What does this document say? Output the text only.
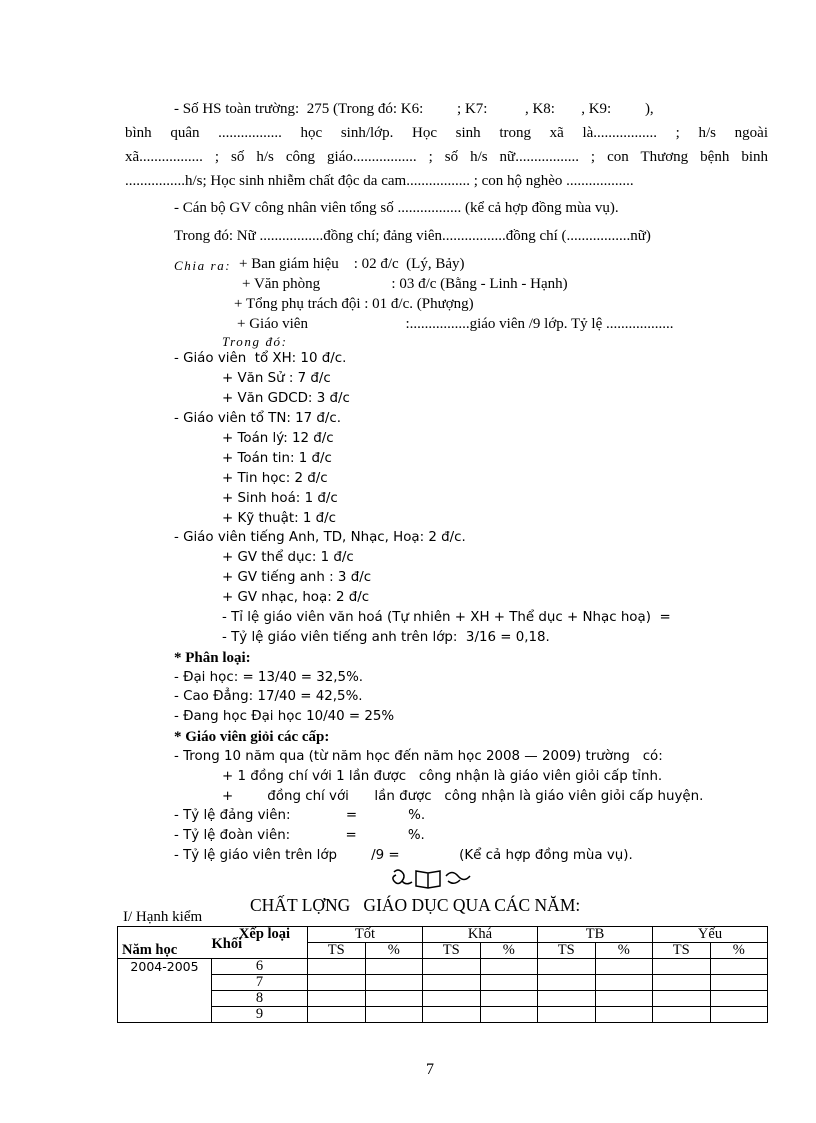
- Số HS toàn trường:  275 (Trong đó: K6:         ; K7:          , K8:       , K9:         ),
bình quân ................. học sinh/lớp. Học sinh trong xã là................. ; h/s ngoài
xã................. ; số h/s công giáo................. ; số h/s nữ................. ; con Thương bệnh binh
................h/s; Học sinh nhiễm chất độc da cam................. ; con hộ nghèo ..................
- Cán bộ GV công nhân viên tổng số ................. (kể cả hợp đồng mùa vụ).
Trong đó: Nữ .................đồng chí; đảng viên.................đồng chí (.................nữ)
Chia ra: + Ban giám hiệu    : 02 đ/c  (Lý, Bảy)
+ Văn phòng                   : 03 đ/c (Bằng - Linh - Hạnh)
+ Tổng phụ trách đội : 01 đ/c. (Phượng)
+ Giáo viên                          :................giáo viên /9 lớp. Tỷ lệ ..................
Trong đó:
- Giáo viên  tổ XH: 10 đ/c.
+ Văn Sử : 7 đ/c
+ Văn GDCD: 3 đ/c
- Giáo viên tổ TN: 17 đ/c.
+ Toán lý: 12 đ/c
+ Toán tin: 1 đ/c
+ Tin học: 2 đ/c
+ Sinh hoá: 1 đ/c
+ Kỹ thuật: 1 đ/c
- Giáo viên tiếng Anh, TD, Nhạc, Hoạ: 2 đ/c.
+ GV thể dục: 1 đ/c
+ GV tiếng anh : 3 đ/c
+ GV nhạc, hoạ: 2 đ/c
- Tỉ lệ giáo viên văn hoá (Tự nhiên + XH + Thể dục + Nhạc hoạ)  =
- Tỷ lệ giáo viên tiếng anh trên lớp:  3/16 = 0,18.
* Phân loại:
- Đại học: = 13/40 = 32,5%.
- Cao Đẳng: 17/40 = 42,5%.
- Đang học Đại học 10/40 = 25%
* Giáo viên giỏi các cấp:
- Trong 10 năm qua (từ năm học đến năm học 2008 — 2009) trường   có:
+ 1 đồng chí với 1 lần được   công nhận là giáo viên giỏi cấp tỉnh.
+        đồng chí với      lần được   công nhận là giáo viên giỏi cấp huyện.
- Tỷ lệ đảng viên:             =            %.
- Tỷ lệ đoàn viên:             =            %.
- Tỷ lệ giáo viên trên lớp        /9 =              (Kể cả hợp đồng mùa vụ).
CHẤT LỢNG   GIÁO DỤC QUA CÁC NĂM:
I/ Hạnh kiểm
Xếp loại		Tốt		Khá		TB		Yếu	
Năm học	Khối	TS	%	TS	%	TS	%	TS	%
2004-2005	6								
	7								
	8								
	9								
7
